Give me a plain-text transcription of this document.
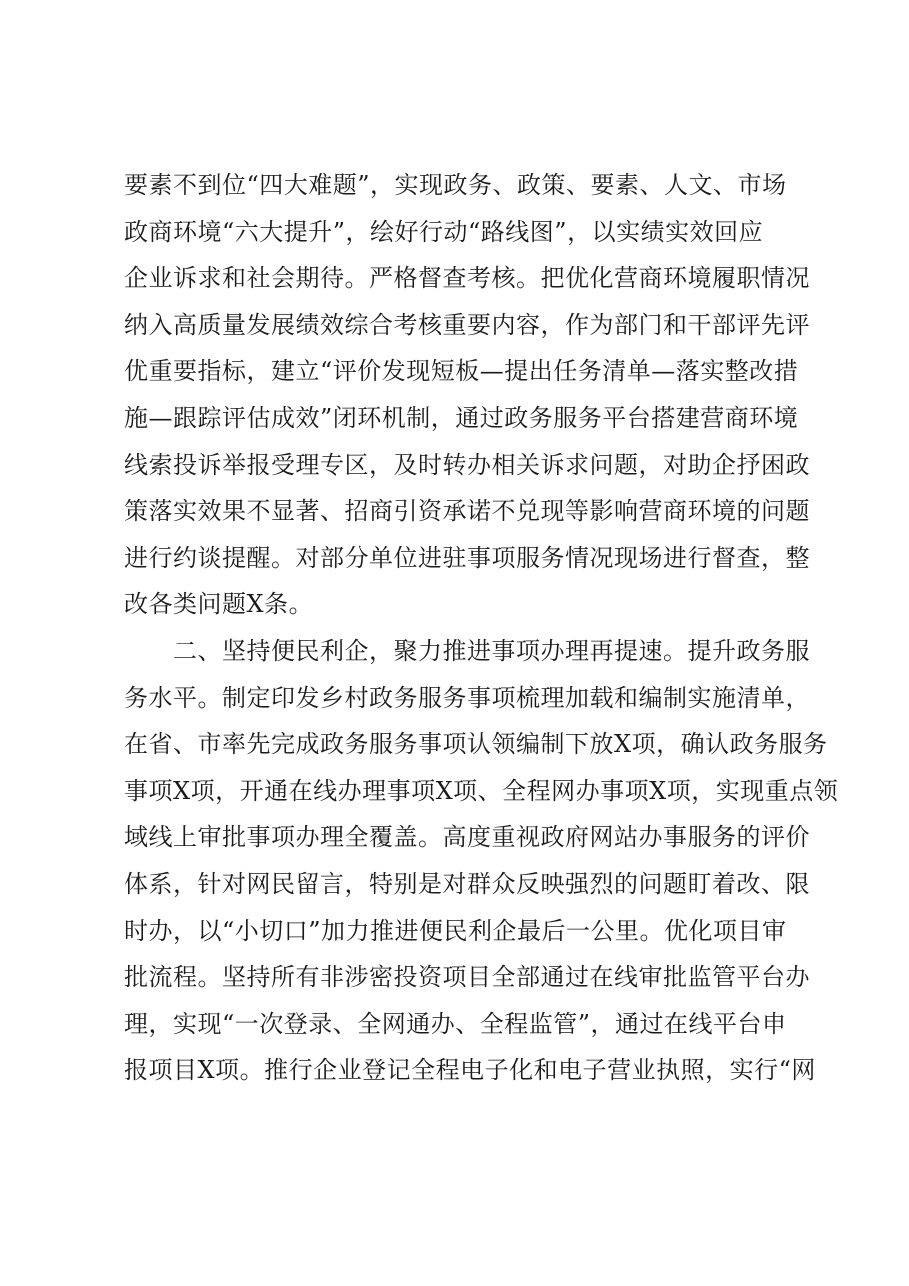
要素不到位“四大难题”，实现政务、政策、要素、人文、市场
政商环境“六大提升”，绘好行动“路线图”，以实绩实效回应
企业诉求和社会期待。严格督查考核。把优化营商环境履职情况
纳入高质量发展绩效综合考核重要内容，作为部门和干部评先评
优重要指标，建立“评价发现短板—提出任务清单—落实整改措
施—跟踪评估成效”闭环机制，通过政务服务平台搭建营商环境
线索投诉举报受理专区，及时转办相关诉求问题，对助企抒困政
策落实效果不显著、招商引资承诺不兑现等影响营商环境的问题
进行约谈提醒。对部分单位进驻事项服务情况现场进行督查，整
改各类问题X条。
　　二、坚持便民利企，聚力推进事项办理再提速。提升政务服
务水平。制定印发乡村政务服务事项梳理加载和编制实施清单，
在省、市率先完成政务服务事项认领编制下放X项，确认政务服务
事项X项，开通在线办理事项X项、全程网办事项X项，实现重点领
域线上审批事项办理全覆盖。高度重视政府网站办事服务的评价
体系，针对网民留言，特别是对群众反映强烈的问题盯着改、限
时办，以“小切口”加力推进便民利企最后一公里。优化项目审
批流程。坚持所有非涉密投资项目全部通过在线审批监管平台办
理，实现“一次登录、全网通办、全程监管”，通过在线平台申
报项目X项。推行企业登记全程电子化和电子营业执照，实行“网
